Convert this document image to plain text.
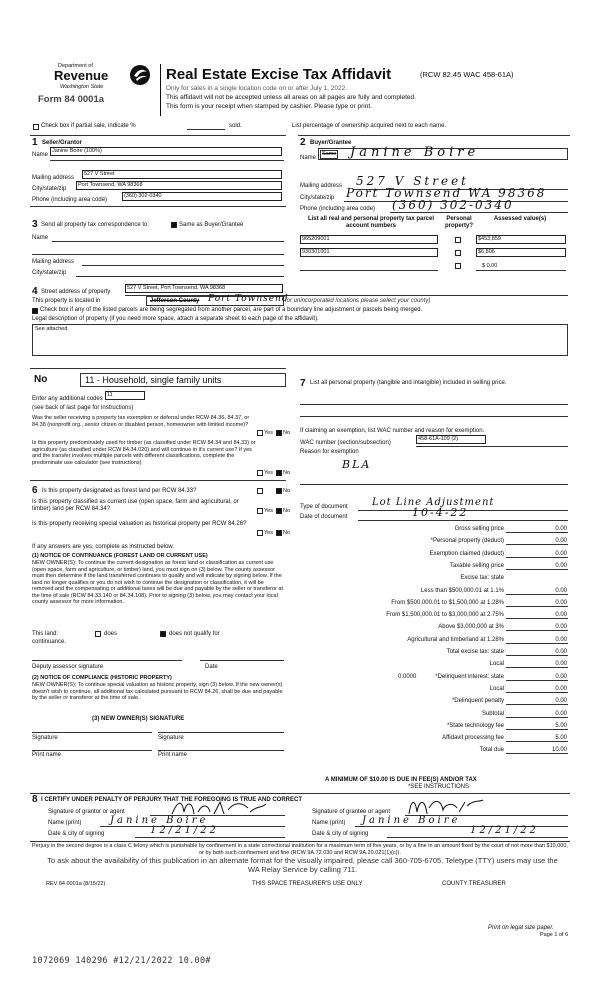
Department of
Revenue
Washington State
Form 84 0001a
Real Estate Excise Tax Affidavit	(RCW 82.45 WAC 458-61A)
Only for sales in a single location code on or after July 1, 2022.
This affidavit will not be accepted unless all areas on all pages are fully and completed.
This form is your receipt when stamped by cashier. Please type or print.
Check box if partial sale, indicate %	sold.	List percentage of ownership acquired next to each name.
1 Seller/Grantor
Name
Janine Boire (100%)
Mailing address
527 V Street
City/state/zip
Port Townsend, WA 98368
Phone (including area code)
(360) 302-0340
2 Buyer/Grantee
Name
Same Janine Boire
Mailing address 527 V Street
City/state/zip Port Townsend WA 98368
Phone (including area code) (360) 302-0340
3 Send all property tax correspondence to:	Same as Buyer/Grantee
Name
Mailing address
City/state/zip
List all real and personal property tax parcel account numbers
Personal property?
Assessed value(s)
965209001	$453,859
930301001	$6,806
$ 0.00
4 Street address of property
527 V Street, Port Townsend, WA 98368
This property is located in	Jefferson County Port Townsend
for unincorporated locations please select your county)
Check box if any of the listed parcels are being segregated from another parcel, are part of a boundary line adjustment or parcels being merged.
Legal description of property (if you need more space, attach a separate sheet to each page of the affidavit).
See attached
No	11 - Household, single family units
Enter any additional codes
11
(see back of last page for instructions)
Was the seller receiving a property tax exemption or deferral under RCW 84.36, 84.37, or 84.38 (nonprofit org., senior citizen or disabled person, homeowner with limited income)?
Yes No
Is this property predominately used for timber (as classified under RCW 84.34 and 84.33) or agriculture (as classified under RCW 84.34.020) and will continue in it's current use? If yes and the transfer involves multiple parcels with different classifications, complete the predominate use calculator (see instructions)
Yes No
6 Is this property designated as forest land per RCW 84.33?	No
Is this property classified as current use (open space, farm and agricultural, or timber) land per RCW 84.34?	Yes No
Is this property receiving special valuation as historical property per RCW 84.26?
Yes No
If any answers are yes, complete as instructed below.
(1) NOTICE OF CONTINUANCE (FOREST LAND OR CURRENT USE)
NEW OWNER(S): To continue the current designation as forest land or classification as current use (open space, farm and agriculture, or timber) land, you must sign on (3) below. The county assessor must then determine if the land transferred continues to qualify and will indicate by signing below. If the land no longer qualifies or you do not wish to continue the designation or classification, it will be removed and the compensating or additional taxes will be due and payable by the seller or transferor at the time of sale (RCW 84.33.140 or 84.34.108). Prior to signing (3) below, you may contact your local county assessor for more information.
This land:	does	does not qualify for
continuance.
Deputy assessor signature	Date
(2) NOTICE OF COMPLIANCE (HISTORIC PROPERTY)
NEW OWNER(S): To continue special valuation as historic property, sign (3) below. If the new owner(s) doesn't wish to continue, all additional tax calculated pursuant to RCW 84.26, shall be due and payable by the seller or transferor at the time of sale.
(3) NEW OWNER(S) SIGNATURE
Signature	Signature
Print name	Print name
7 List all personal property (tangible and intangible) included in selling price.
If claiming an exemption, list WAC number and reason for exemption.
WAC number (section/subsection)
458-61A-109 (2)
Reason for exemption
BLA
Type of document Lot Line Adjustment
Date of document	10-4-22
Gross selling price	0.00
*Personal property (deduct)	0.00
Exemption claimed (deduct)	0.00
Taxable selling price	0.00
Excise tax: state
Less than $500,000.01 at 1.1%	0.00
From $500,000.01 to $1,500,000 at 1.28%	0.00
From $1,500,000.01 to $3,000,000 at 2.75%	0.00
Above $3,000,000 at 3%	0.00
Agricultural and timberland at 1.28%	0.00
Total excise tax: state	0.00
Local	0.00
*Delinquent interest: state	0.00
Local	0.00
*Delinquent penalty	0.00
Subtotal	0.00
*State technology fee	5.00
Affidavit processing fee	5.00
Total due	10.00
0.0000
A MINIMUM OF $10.00 IS DUE IN FEE(S) AND/OR TAX
*SEE INSTRUCTIONS
8 I CERTIFY UNDER PENALTY OF PERJURY THAT THE FOREGOING IS TRUE AND CORRECT
Signature of grantor or agent
Name (print)	Janine Boire
Date & city of signing	12/21/22
Signature of grantee or agent
Name (print) Janine Boire
Date & city of signing	12/21/22
Perjury in the second degree is a class C felony which is punishable by confinement in a state correctional institution for a maximum term of five years, or by a fine in an amount fixed by the court of not more than $10,000, or by both such confinement and fine (RCW 9A.72.030 and RCW 9A.20.021(1)(c)).
To ask about the availability of this publication in an alternate format for the visually impaired, please call 360-705-6705. Teletype (TTY) users may use the WA Relay Service by calling 711.
REV 84 0001a (8/15/22)	THIS SPACE TREASURER'S USE ONLY	COUNTY TREASURER
Print on legal size paper.
Page 1 of 6
1072069 140296 #12/21/2022 10.00#
